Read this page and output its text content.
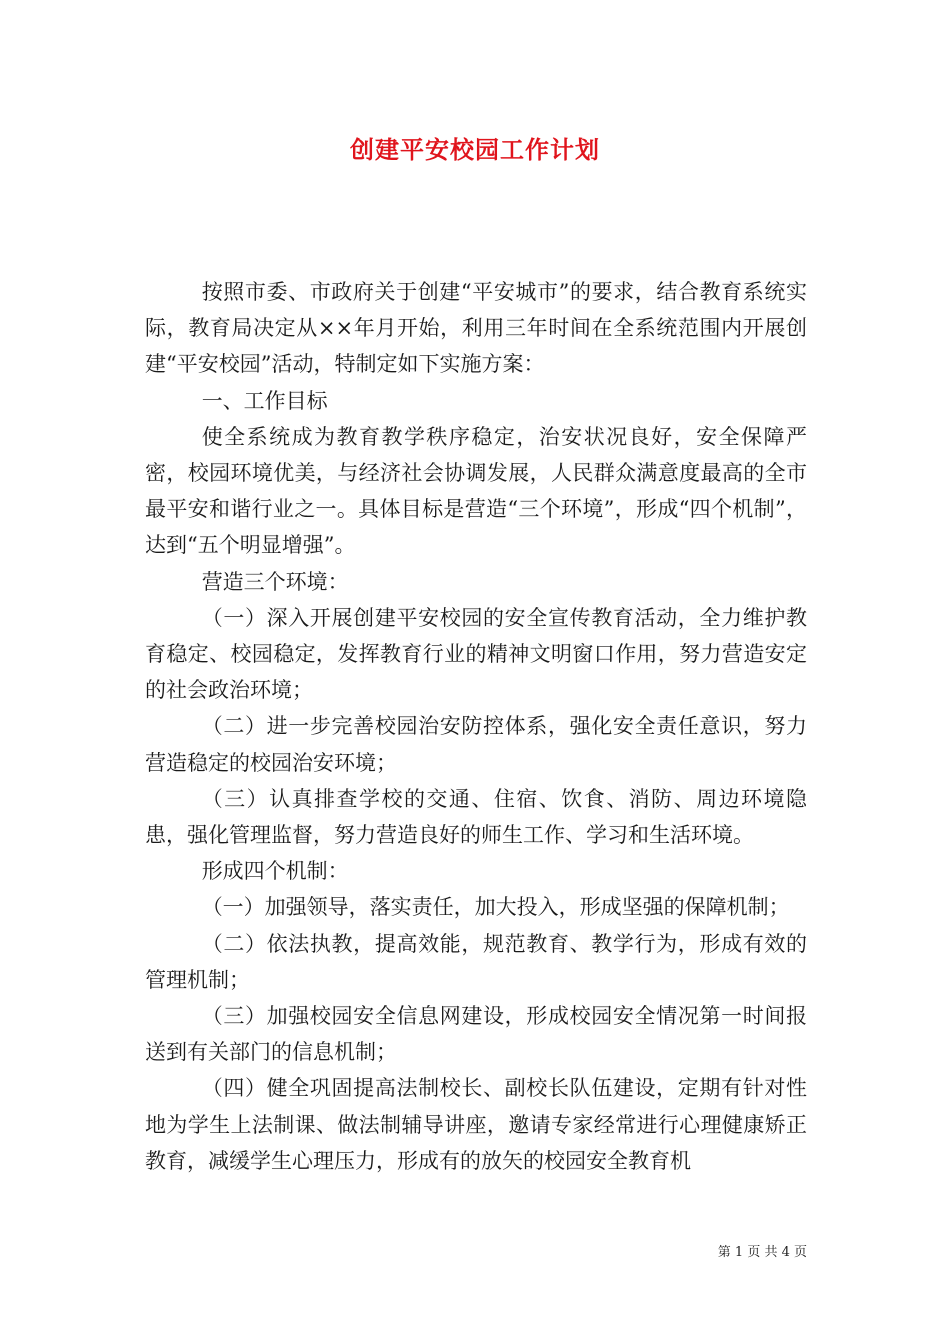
创建平安校园工作计划

按照市委、市政府关于创建“平安城市”的要求，结合教育系统实际，教育局决定从××年月开始，利用三年时间在全系统范围内开展创建“平安校园”活动，特制定如下实施方案：

一、工作目标

使全系统成为教育教学秩序稳定，治安状况良好，安全保障严密，校园环境优美，与经济社会协调发展，人民群众满意度最高的全市最平安和谐行业之一。具体目标是营造“三个环境”，形成“四个机制”，达到“五个明显增强”。

营造三个环境：

（一）深入开展创建平安校园的安全宣传教育活动，全力维护教育稳定、校园稳定，发挥教育行业的精神文明窗口作用，努力营造安定的社会政治环境；

（二）进一步完善校园治安防控体系，强化安全责任意识，努力营造稳定的校园治安环境；

（三）认真排查学校的交通、住宿、饮食、消防、周边环境隐患，强化管理监督，努力营造良好的师生工作、学习和生活环境。

形成四个机制：

（一）加强领导，落实责任，加大投入，形成坚强的保障机制；

（二）依法执教，提高效能，规范教育、教学行为，形成有效的管理机制；

（三）加强校园安全信息网建设，形成校园安全情况第一时间报送到有关部门的信息机制；

（四）健全巩固提高法制校长、副校长队伍建设，定期有针对性地为学生上法制课、做法制辅导讲座，邀请专家经常进行心理健康矫正教育，减缓学生心理压力，形成有的放矢的校园安全教育机

第 1 页 共 4 页
